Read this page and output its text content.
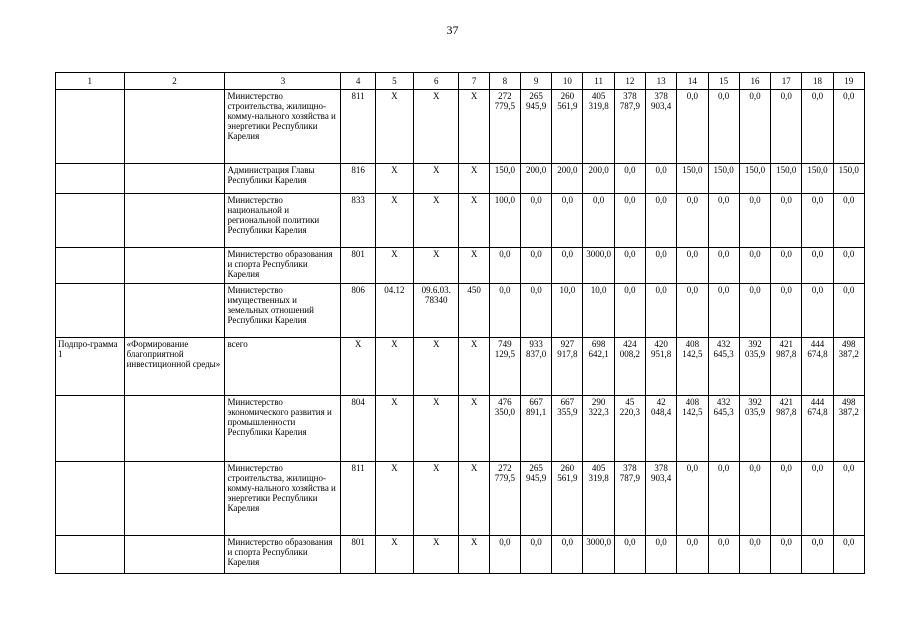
37
1	2	3	4	5	6	7	8	9	10	11	12	13	14	15	16	17	18	19
		Министерство строительства, жилищно-комму-нального хозяйства и энергетики Республики Карелия	811	Х	Х	Х	272 779,5	265 945,9	260 561,9	405 319,8	378 787,9	378 903,4	0,0	0,0	0,0	0,0	0,0	0,0
		Администрация Главы Республики Карелия	816	Х	Х	Х	150,0	200,0	200,0	200,0	0,0	0,0	150,0	150,0	150,0	150,0	150,0	150,0
		Министерство национальной и региональной политики Республики Карелия	833	Х	Х	Х	100,0	0,0	0,0	0,0	0,0	0,0	0,0	0,0	0,0	0,0	0,0	0,0
		Министерство образования и спорта Республики Карелия	801	Х	Х	Х	0,0	0,0	0,0	3000,0	0,0	0,0	0,0	0,0	0,0	0,0	0,0	0,0
		Министерство имущественных и земельных отношений Республики Карелия	806	04.12	09.6.03. 78340	450	0,0	0,0	10,0	10,0	0,0	0,0	0,0	0,0	0,0	0,0	0,0	0,0
Подпро-грамма 1	«Формирование благоприятной инвестиционной среды»	всего	Х	Х	Х	Х	749 129,5	933 837,0	927 917,8	698 642,1	424 008,2	420 951,8	408 142,5	432 645,3	392 035,9	421 987,8	444 674,8	498 387,2
		Министерство экономического развития и промышленности Республики Карелия	804	Х	Х	Х	476 350,0	667 891,1	667 355,9	290 322,3	45 220,3	42 048,4	408 142,5	432 645,3	392 035,9	421 987,8	444 674,8	498 387,2
		Министерство строительства, жилищно-комму-нального хозяйства и энергетики Республики Карелия	811	Х	Х	Х	272 779,5	265 945,9	260 561,9	405 319,8	378 787,9	378 903,4	0,0	0,0	0,0	0,0	0,0	0,0
		Министерство образования и спорта Республики Карелия	801	Х	Х	Х	0,0	0,0	0,0	3000,0	0,0	0,0	0,0	0,0	0,0	0,0	0,0	0,0
